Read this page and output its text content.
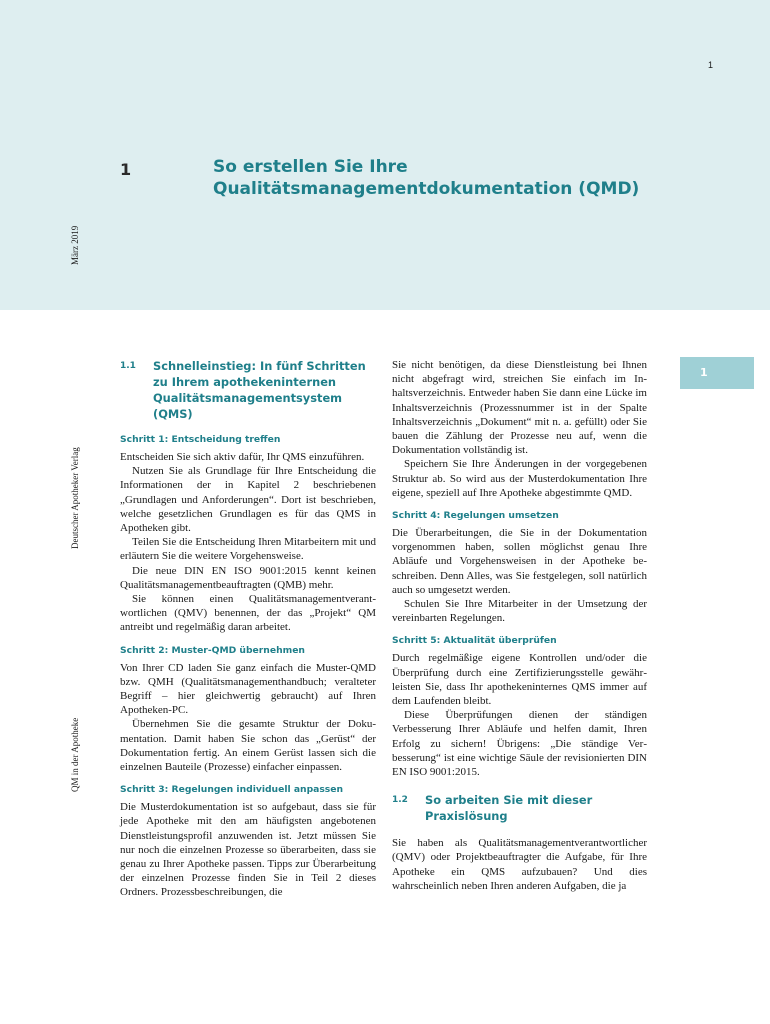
1
1	So erstellen Sie Ihre Qualitätsmanagementdokumentation (QMD)
März 2019
Deutscher Apotheker Verlag
QM in der Apotheke
1
1.1	Schnelleinstieg: In fünf Schritten zu Ihrem apothekeninternen Qualitätsmanagementsystem (QMS)
Schritt 1: Entscheidung treffen

Entscheiden Sie sich aktiv dafür, Ihr QMS einzuführen.

Nutzen Sie als Grundlage für Ihre Entscheidung die Informationen der in Kapitel 2 beschriebenen „Grundlagen und Anforderungen“. Dort ist beschrieben, welche gesetzlichen Grundlagen es für das QMS in Apotheken gibt.

Teilen Sie die Entscheidung Ihren Mitarbeitern mit und erläutern Sie die weitere Vorgehensweise.

Die neue DIN EN ISO 9001:2015 kennt keinen Qualitätsmanagementbeauftragten (QMB) mehr.

Sie können einen Qualitätsmanagementverantwortlichen (QMV) benennen, der das „Projekt“ QM antreibt und regelmäßig daran arbeitet.

Schritt 2: Muster-QMD übernehmen

Von Ihrer CD laden Sie ganz einfach die Muster-QMD bzw. QMH (Qualitätsmanagementhandbuch; veralteter Begriff – hier gleichwertig gebraucht) auf Ihren Apotheken-PC.

Übernehmen Sie die gesamte Struktur der Dokumentation. Damit haben Sie schon das „Gerüst“ der Dokumentation fertig. An einem Gerüst lassen sich die einzelnen Bauteile (Prozesse) einfacher einpassen.

Schritt 3: Regelungen individuell anpassen

Die Musterdokumentation ist so aufgebaut, dass sie für jede Apotheke mit den am häufigsten angebotenen Dienstleistungsprofil anzuwenden ist. Jetzt müssen Sie nur noch die einzelnen Prozesse so überarbeiten, dass sie genau zu Ihrer Apotheke passen. Tipps zur Überarbeitung der einzelnen Prozesse finden Sie in Teil 2 dieses Ordners. Prozessbeschreibungen, die

Sie nicht benötigen, da diese Dienstleistung bei Ihnen nicht abgefragt wird, streichen Sie einfach im Inhaltsverzeichnis. Entweder haben Sie dann eine Lücke im Inhaltsverzeichnis (Prozessnummer ist in der Spalte Inhaltsverzeichnis „Dokument“ mit n. a. gefüllt) oder Sie bauen die Zählung der Prozesse neu auf, wenn die Dokumentation vollständig ist.

Speichern Sie Ihre Änderungen in der vorgegebenen Struktur ab. So wird aus der Musterdokumentation Ihre eigene, speziell auf Ihre Apotheke abgestimmte QMD.

Schritt 4: Regelungen umsetzen

Die Überarbeitungen, die Sie in der Dokumentation vorgenommen haben, sollen möglichst genau Ihre Abläufe und Vorgehensweisen in der Apotheke beschreiben. Denn Alles, was Sie festgelegen, soll natürlich auch so umgesetzt werden.

Schulen Sie Ihre Mitarbeiter in der Umsetzung der vereinbarten Regelungen.

Schritt 5: Aktualität überprüfen

Durch regelmäßige eigene Kontrollen und/oder die Überprüfung durch eine Zertifizierungsstelle gewährleisten Sie, dass Ihr apothekeninternes QMS immer auf dem Laufenden bleibt.

Diese Überprüfungen dienen der ständigen Verbesserung Ihrer Abläufe und helfen damit, Ihren Erfolg zu sichern! Übrigens: „Die ständige Verbesserung“ ist eine wichtige Säule der revisionierten DIN EN ISO 9001:2015.

1.2	So arbeiten Sie mit dieser Praxislösung

Sie haben als Qualitätsmanagementverantwortlicher (QMV) oder Projektbeauftragter die Aufgabe, für Ihre Apotheke ein QMS aufzubauen? Und dies wahrscheinlich neben Ihren anderen Aufgaben, die ja
